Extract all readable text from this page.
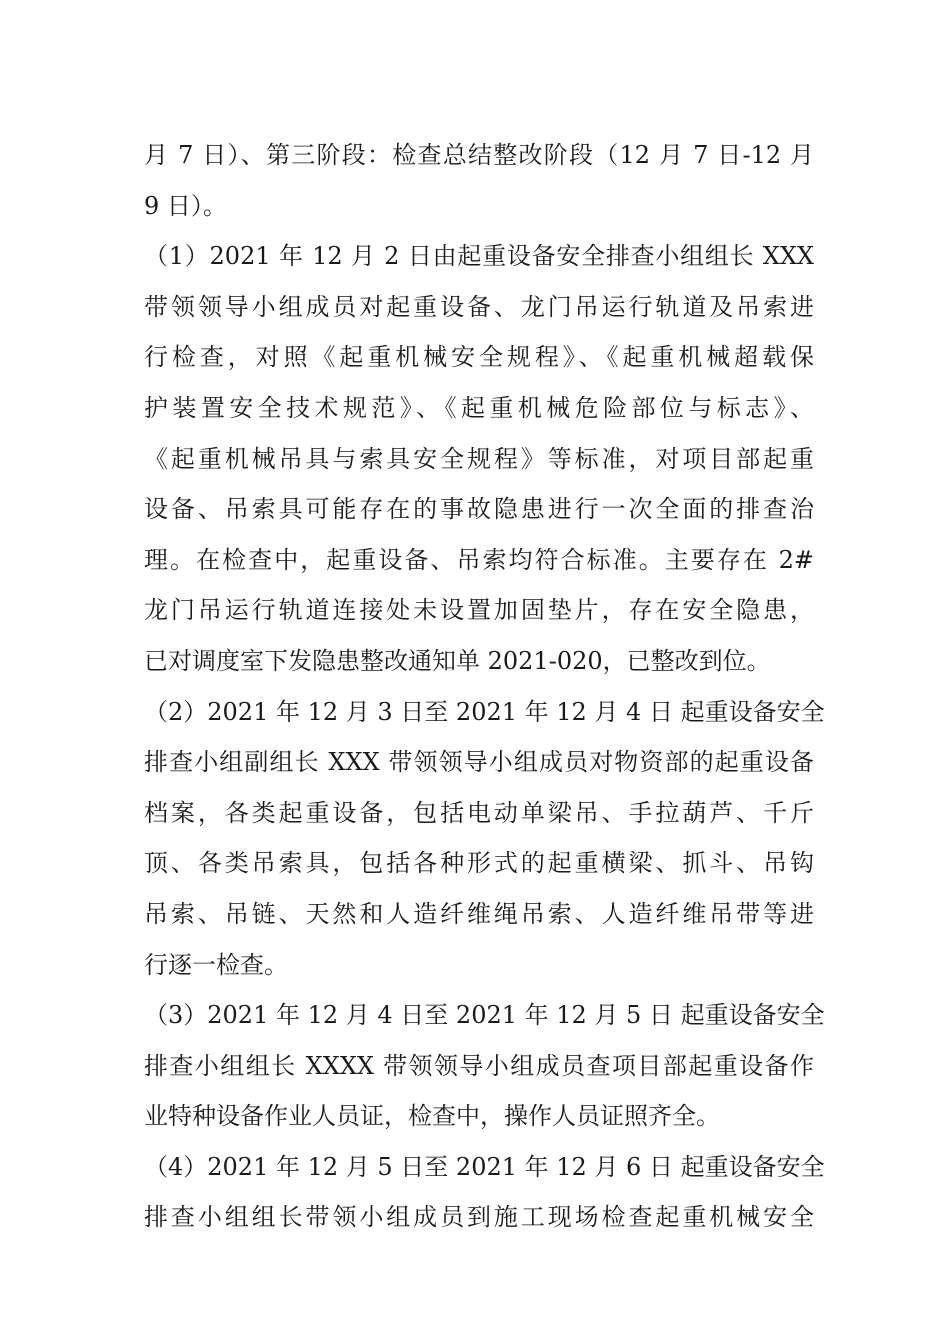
月 7 日）、第三阶段：检查总结整改阶段（12 月 7 日-12 月
9 日）。
（1）2021 年 12 月 2 日由起重设备安全排查小组组长 XXX
带领领导小组成员对起重设备、龙门吊运行轨道及吊索进
行检查，对照《起重机械安全规程》、《起重机械超载保
护装置安全技术规范》、《起重机械危险部位与标志》、
《起重机械吊具与索具安全规程》等标准，对项目部起重
设备、吊索具可能存在的事故隐患进行一次全面的排查治
理。在检查中，起重设备、吊索均符合标准。主要存在 2#
龙门吊运行轨道连接处未设置加固垫片，存在安全隐患，
已对调度室下发隐患整改通知单 2021-020，已整改到位。
（2）2021 年 12 月 3 日至 2021 年 12 月 4 日 起重设备安全
排查小组副组长 XXX 带领领导小组成员对物资部的起重设备
档案，各类起重设备，包括电动单梁吊、手拉葫芦、千斤
顶、各类吊索具，包括各种形式的起重横梁、抓斗、吊钩
吊索、吊链、天然和人造纤维绳吊索、人造纤维吊带等进
行逐一检查。
（3）2021 年 12 月 4 日至 2021 年 12 月 5 日 起重设备安全
排查小组组长 XXXX 带领领导小组成员查项目部起重设备作
业特种设备作业人员证，检查中，操作人员证照齐全。
（4）2021 年 12 月 5 日至 2021 年 12 月 6 日 起重设备安全
排查小组组长带领小组成员到施工现场检查起重机械安全
